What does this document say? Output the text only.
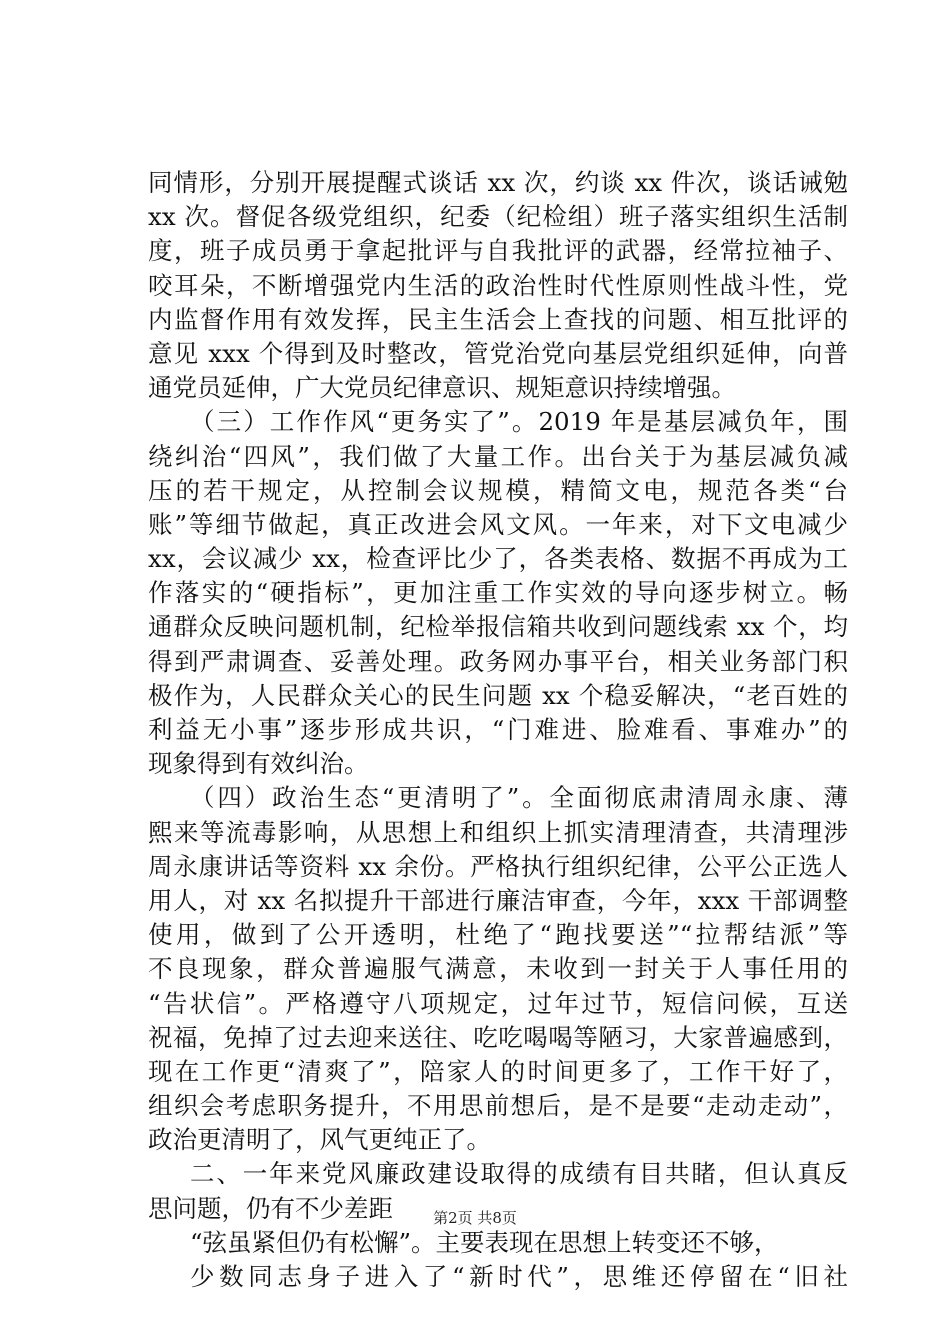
同情形，分别开展提醒式谈话 xx 次，约谈 xx 件次，谈话诫勉
xx 次。督促各级党组织，纪委（纪检组）班子落实组织生活制
度，班子成员勇于拿起批评与自我批评的武器，经常拉袖子、
咬耳朵，不断增强党内生活的政治性时代性原则性战斗性，党
内监督作用有效发挥，民主生活会上查找的问题、相互批评的
意见 xxx 个得到及时整改，管党治党向基层党组织延伸，向普
通党员延伸，广大党员纪律意识、规矩意识持续增强。
（三）工作作风“更务实了”。2019 年是基层减负年，围
绕纠治“四风”，我们做了大量工作。出台关于为基层减负减
压的若干规定，从控制会议规模，精简文电，规范各类“台
账”等细节做起，真正改进会风文风。一年来，对下文电减少
xx，会议减少 xx，检查评比少了，各类表格、数据不再成为工
作落实的“硬指标”，更加注重工作实效的导向逐步树立。畅
通群众反映问题机制，纪检举报信箱共收到问题线索 xx 个，均
得到严肃调查、妥善处理。政务网办事平台，相关业务部门积
极作为，人民群众关心的民生问题 xx 个稳妥解决，“老百姓的
利益无小事”逐步形成共识，“门难进、脸难看、事难办”的
现象得到有效纠治。
（四）政治生态“更清明了”。全面彻底肃清周永康、薄
熙来等流毒影响，从思想上和组织上抓实清理清查，共清理涉
周永康讲话等资料 xx 余份。严格执行组织纪律，公平公正选人
用人，对 xx 名拟提升干部进行廉洁审查，今年，xxx 干部调整
使用，做到了公开透明，杜绝了“跑找要送”“拉帮结派”等
不良现象，群众普遍服气满意，未收到一封关于人事任用的
“告状信”。严格遵守八项规定，过年过节，短信问候，互送
祝福，免掉了过去迎来送往、吃吃喝喝等陋习，大家普遍感到，
现在工作更“清爽了”，陪家人的时间更多了，工作干好了，
组织会考虑职务提升，不用思前想后，是不是要“走动走动”，
政治更清明了，风气更纯正了。
二、一年来党风廉政建设取得的成绩有目共睹，但认真反
思问题，仍有不少差距
“弦虽紧但仍有松懈”。主要表现在思想上转变还不够，
少数同志身子进入了“新时代”，思维还停留在“旧社
第2页 共8页
